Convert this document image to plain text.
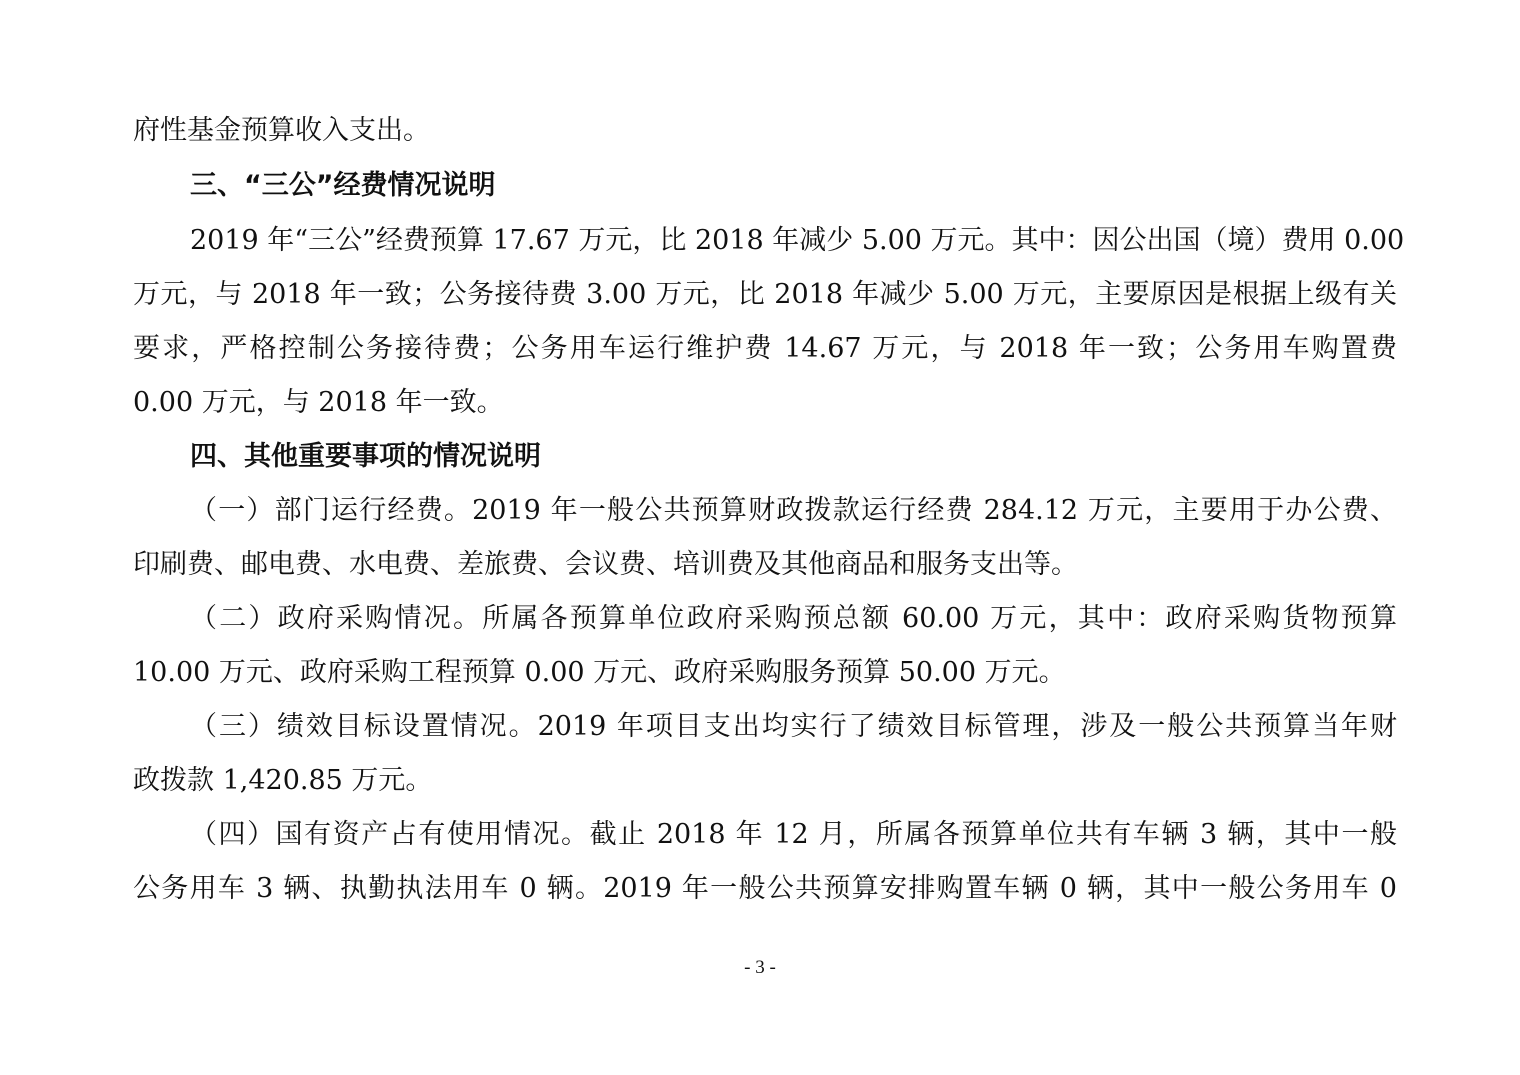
府性基金预算收入支出。
三、“三公”经费情况说明
2019 年“三公”经费预算 17.67 万元，比 2018 年减少 5.00 万元。其中：因公出国（境）费用 0.00
万元，与 2018 年一致；公务接待费 3.00 万元，比 2018 年减少 5.00 万元，主要原因是根据上级有关
要求，严格控制公务接待费；公务用车运行维护费 14.67 万元，与 2018 年一致；公务用车购置费
0.00 万元，与 2018 年一致。
四、其他重要事项的情况说明
（一）部门运行经费。2019 年一般公共预算财政拨款运行经费 284.12 万元，主要用于办公费、
印刷费、邮电费、水电费、差旅费、会议费、培训费及其他商品和服务支出等。
（二）政府采购情况。所属各预算单位政府采购预总额 60.00 万元，其中：政府采购货物预算
10.00 万元、政府采购工程预算 0.00 万元、政府采购服务预算 50.00 万元。
（三）绩效目标设置情况。2019 年项目支出均实行了绩效目标管理，涉及一般公共预算当年财
政拨款 1,420.85 万元。
（四）国有资产占有使用情况。截止 2018 年 12 月，所属各预算单位共有车辆 3 辆，其中一般
公务用车 3 辆、执勤执法用车 0 辆。2019 年一般公共预算安排购置车辆 0 辆，其中一般公务用车 0
- 3 -
